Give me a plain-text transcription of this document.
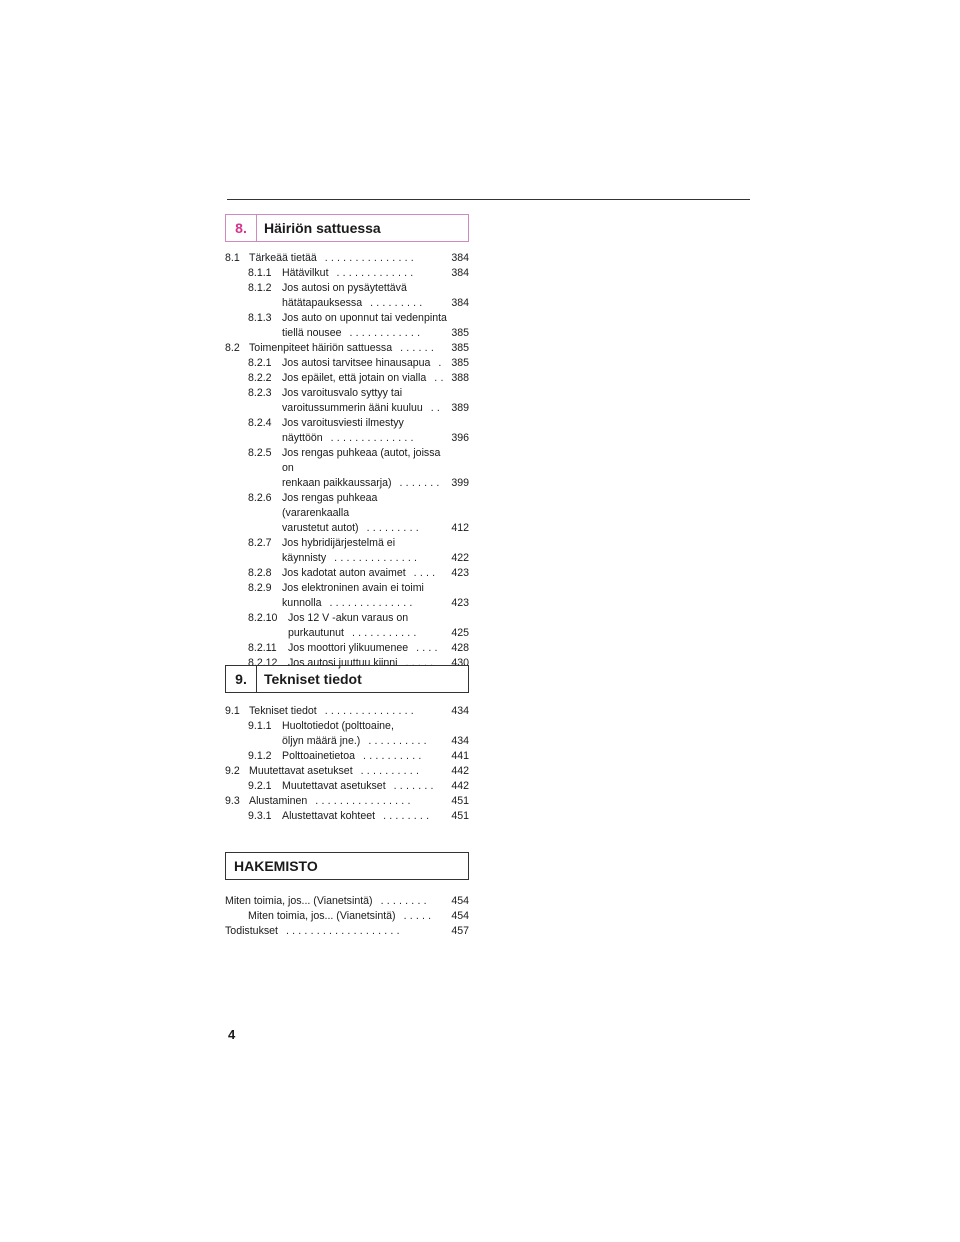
8.	Häiriön sattuessa
8.1 Tärkeää tietää ...............	384
8.1.1 Hätävilkut .............	384
8.1.2 Jos autosi on pysäytettävä
hätätapauksessa .........	384
8.1.3 Jos auto on uponnut tai vedenpinta
tiellä nousee ............	385
8.2 Toimenpiteet häiriön sattuessa ......	385
8.2.1 Jos autosi tarvitsee hinausapua . 385
8.2.2 Jos epäilet, että jotain on vialla .. 388
8.2.3 Jos varoitusvalo syttyy tai
varoitussummerin ääni kuuluu .. 389
8.2.4 Jos varoitusviesti ilmestyy
näyttöön ..............	396
8.2.5 Jos rengas puhkeaa (autot, joissa on
renkaan paikkaussarja) ....... 399
8.2.6 Jos rengas puhkeaa (vararenkaalla
varustetut autot) .........	412
8.2.7 Jos hybridijärjestelmä ei
käynnisty ..............	422
8.2.8 Jos kadotat auton avaimet ....	423
8.2.9 Jos elektroninen avain ei toimi
kunnolla ..............	423
8.2.10 Jos 12 V -akun varaus on
purkautunut ...........	425
8.2.11	Jos moottori ylikuumenee ....	428
8.2.12 Jos autosi juuttuu kiinni .....	430
9.	Tekniset tiedot
9.1 Tekniset tiedot ...............	434
9.1.1 Huoltotiedot (polttoaine,
öljyn määrä jne.) ..........	434
9.1.2 Polttoainetietoa ..........	441
9.2 Muutettavat asetukset ..........	442
9.2.1 Muutettavat asetukset .......	442
9.3 Alustaminen ................	451
9.3.1 Alustettavat kohteet ........	451
HAKEMISTO
Miten toimia, jos... (Vianetsintä) ........	454
Miten toimia, jos... (Vianetsintä) .....	454
Todistukset ...................	457
4
